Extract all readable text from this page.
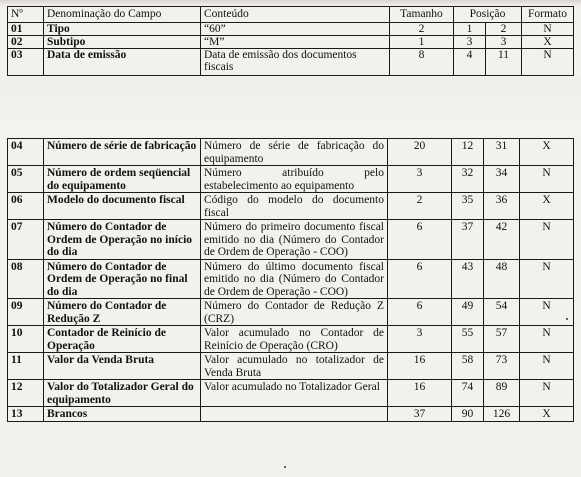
Nº	Denominação do Campo	Conteúdo	Tamanho	Posição		Formato
01	Tipo	“60”	2	1	2	N
02	Subtipo	“M”	1	3	3	X
03	Data de emissão	Data de emissão dos documentos fiscais	8	4	11	N
04	Número de série de fabricação	Número de série de fabricação do equipamento	20	12	31	X
05	Número de ordem seqüencial do equipamento	Número atribuído pelo estabelecimento ao equipamento	3	32	34	N
06	Modelo do documento fiscal	Código do modelo do documento fiscal	2	35	36	X
07	Número do Contador de Ordem de Operação no início do dia	Número do primeiro documento fiscal emitido no dia (Número do Contador de Ordem de Operação - COO)	6	37	42	N
08	Número do Contador de Ordem de Operação no final do dia	Número do último documento fiscal emitido no dia (Número do Contador de Ordem de Operação - COO)	6	43	48	N
09	Número do Contador de Redução Z	Número do Contador de Redução Z (CRZ)	6	49	54	N
10	Contador de Reinício de Operação	Valor acumulado no Contador de Reinício de Operação (CRO)	3	55	57	N
11	Valor da Venda Bruta	Valor acumulado no totalizador de Venda Bruta	16	58	73	N
12	Valor do Totalizador Geral do equipamento	Valor acumulado no Totalizador Geral	16	74	89	N
13	Brancos		37	90	126	X
